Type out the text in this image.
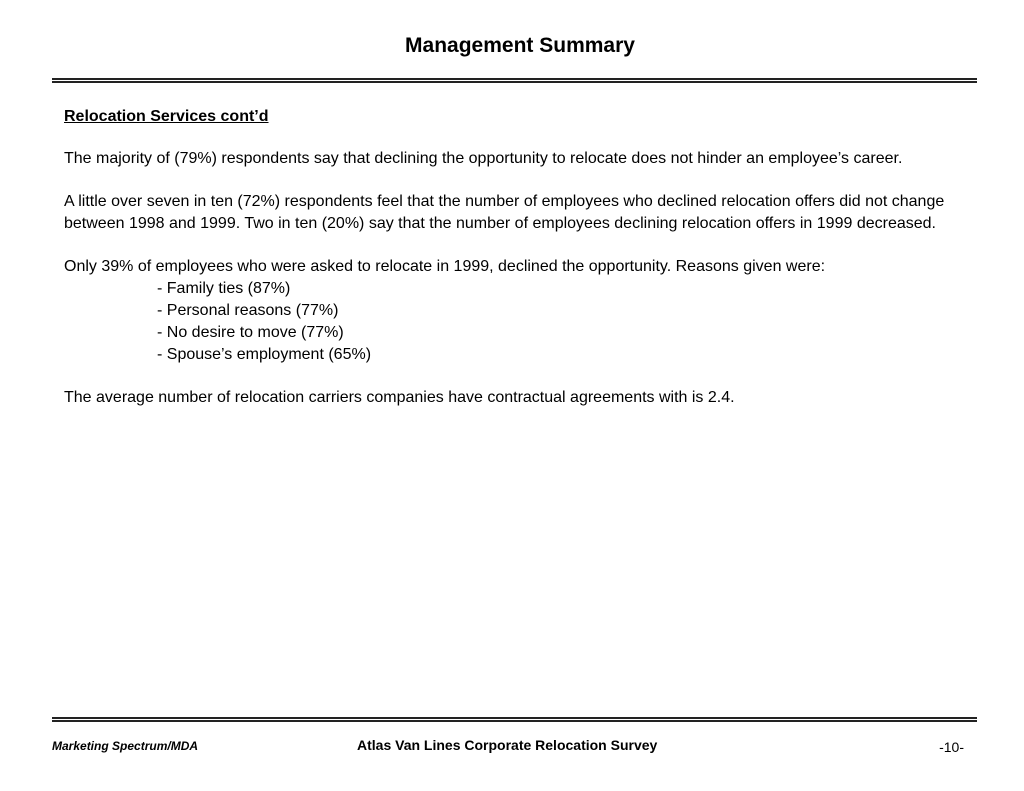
Management Summary

Relocation Services cont’d

The majority of (79%) respondents say that declining the opportunity to relocate does not hinder an employee’s career.

A little over seven in ten (72%) respondents feel that the number of employees who declined relocation offers did not change between 1998 and 1999. Two in ten (20%) say that the number of employees declining relocation offers in 1999 decreased.

Only 39% of employees who were asked to relocate in 1999, declined the opportunity. Reasons given were:

- Family ties (87%)
- Personal reasons (77%)
- No desire to move (77%)
- Spouse’s employment (65%)

The average number of relocation carriers companies have contractual agreements with is 2.4.

Marketing Spectrum/MDA	Atlas Van Lines Corporate Relocation Survey	-10-
